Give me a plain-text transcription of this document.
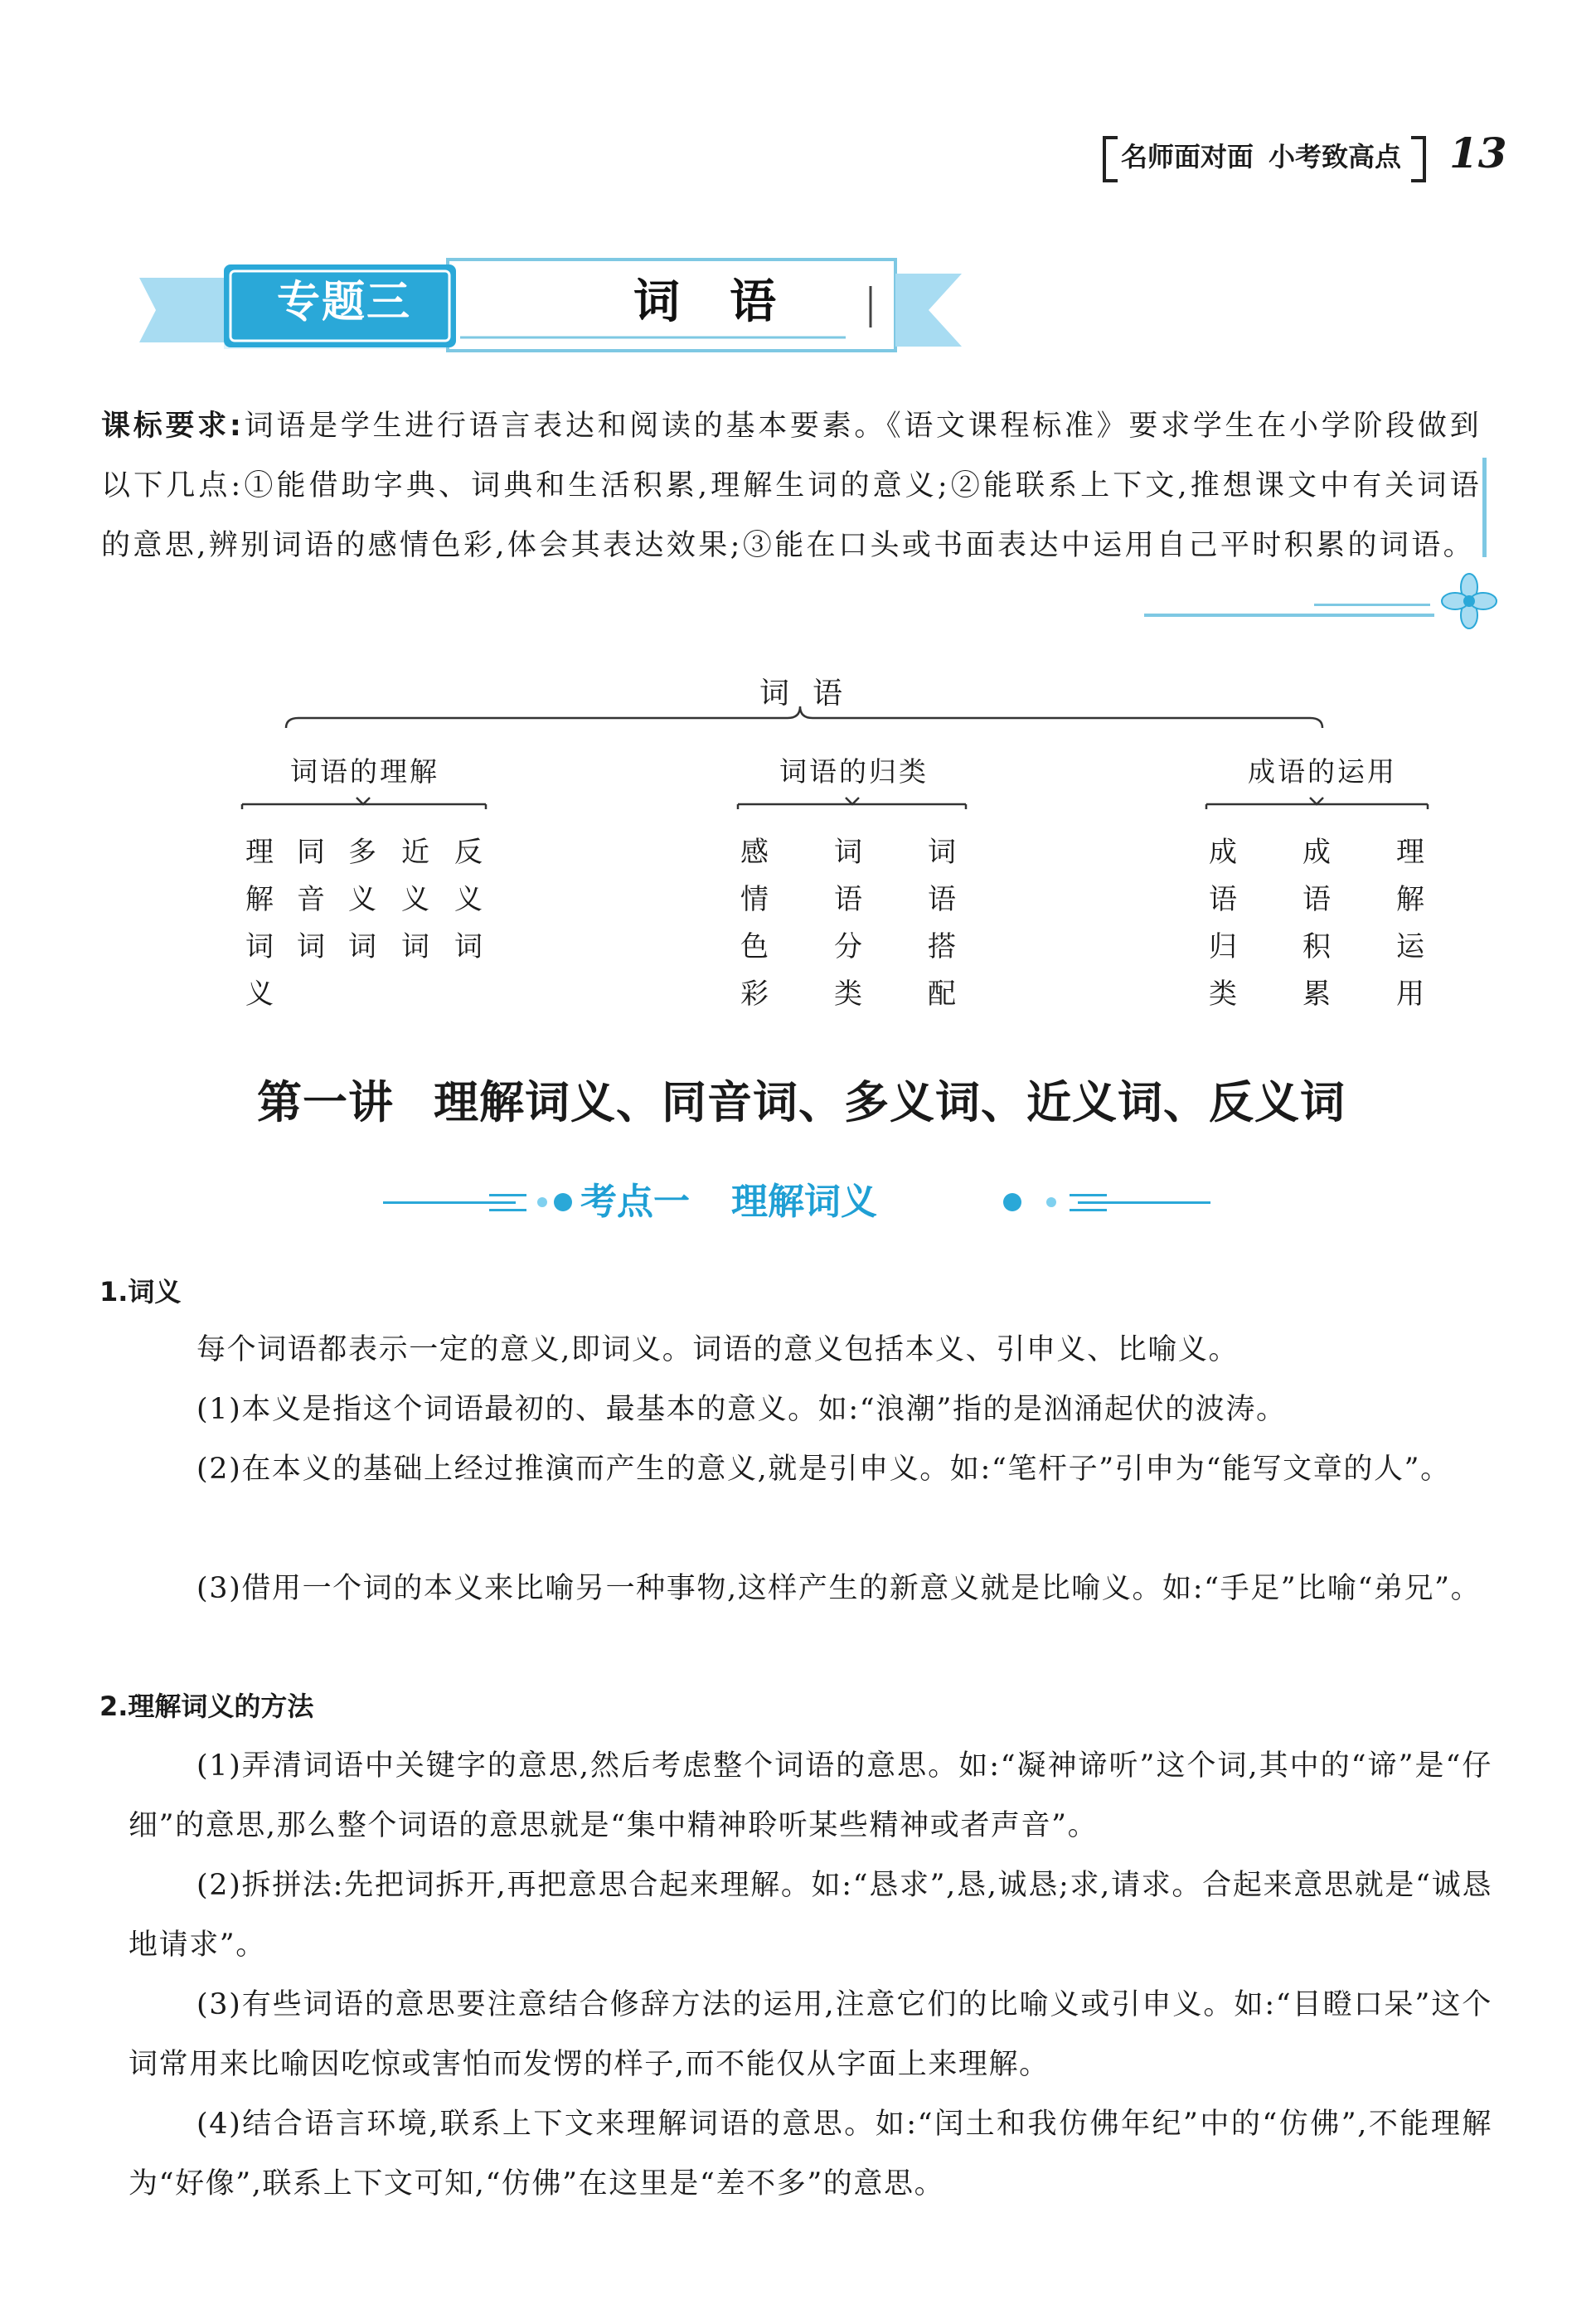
名师面对面 小考致高点 13
专题三	词语
课标要求:词语是学生进行语言表达和阅读的基本要素。《语文课程标准》要求学生在小学阶段做到以下几点:①能借助字典、词典和生活积累,理解生词的意义;②能联系上下文,推想课文中有关词语的意思,辨别词语的感情色彩,体会其表达效果;③能在口头或书面表达中运用自己平时积累的词语。
词语
词语的理解	词语的归类	成语的运用
理解词义
同音词
多义词
近义词
反义词
感情色彩
词语分类
词语搭配
成语归类
成语积累
理解运用
第一讲 理解词义、同音词、多义词、近义词、反义词
考点一 理解词义
1.词义
每个词语都表示一定的意义,即词义。词语的意义包括本义、引申义、比喻义。
(1)本义是指这个词语最初的、最基本的意义。如:“浪潮”指的是汹涌起伏的波涛。
(2)在本义的基础上经过推演而产生的意义,就是引申义。如:“笔杆子”引申为“能写文章的人”。
(3)借用一个词的本义来比喻另一种事物,这样产生的新意义就是比喻义。如:“手足”比喻“弟兄”。
2.理解词义的方法
(1)弄清词语中关键字的意思,然后考虑整个词语的意思。如:“凝神谛听”这个词,其中的“谛”是“仔细”的意思,那么整个词语的意思就是“集中精神聆听某些精神或者声音”。
(2)拆拼法:先把词拆开,再把意思合起来理解。如:“恳求”,恳,诚恳;求,请求。合起来意思就是“诚恳地请求”。
(3)有些词语的意思要注意结合修辞方法的运用,注意它们的比喻义或引申义。如:“目瞪口呆”这个词常用来比喻因吃惊或害怕而发愣的样子,而不能仅从字面上来理解。
(4)结合语言环境,联系上下文来理解词语的意思。如:“闰土和我仿佛年纪”中的“仿佛”,不能理解为“好像”,联系上下文可知,“仿佛”在这里是“差不多”的意思。
